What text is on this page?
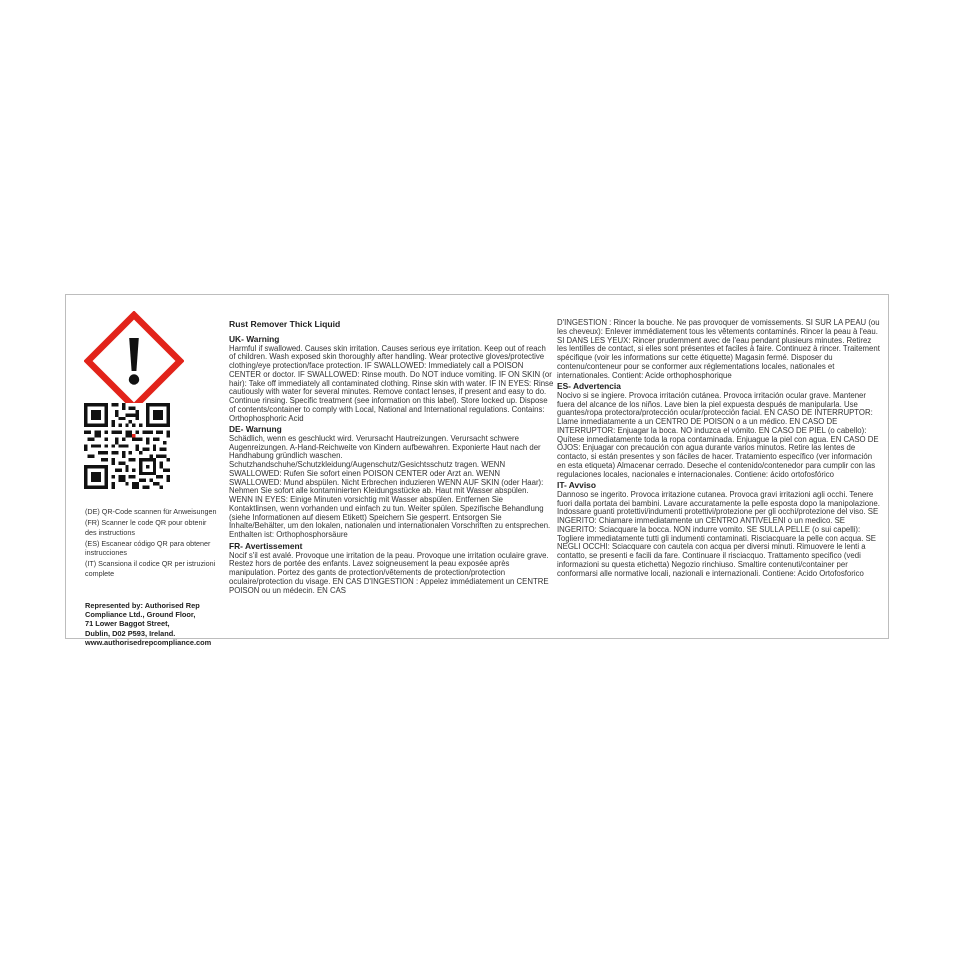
(DE) QR-Code scannen für Anweisungen

(FR) Scanner le code QR pour obtenir des instructions

(ES) Escanear código QR para obtener instrucciones

(IT) Scansiona il codice QR per istruzioni complete

Represented by: Authorised Rep
Compliance Ltd., Ground Floor,
71 Lower Baggot Street,
Dublin, D02 P593, Ireland.
www.authorisedrepcompliance.com

Rust Remover Thick Liquid

UK- Warning

Harmful if swallowed. Causes skin irritation. Causes serious eye irritation. Keep out of reach of children. Wash exposed skin thoroughly after handling. Wear protective gloves/protective clothing/eye protection/face protection. IF SWALLOWED: Immediately call a POISON CENTER or doctor. IF SWALLOWED: Rinse mouth. Do NOT induce vomiting. IF ON SKIN (or hair): Take off immediately all contaminated clothing. Rinse skin with water. IF IN EYES: Rinse cautiously with water for several minutes. Remove contact lenses, if present and easy to do. Continue rinsing. Specific treatment (see information on this label). Store locked up. Dispose of contents/container to comply with Local, National and International regulations. Contains: Orthophosphoric Acid

DE- Warnung

Schädlich, wenn es geschluckt wird. Verursacht Hautreizungen. Verursacht schwere Augenreizungen. A-Hand-Reichweite von Kindern aufbewahren. Exponierte Haut nach der Handhabung gründlich waschen. Schutzhandschuhe/Schutzkleidung/Augenschutz/Gesichtsschutz tragen. WENN SWALLOWED: Rufen Sie sofort einen POISON CENTER oder Arzt an. WENN SWALLOWED: Mund abspülen. Nicht Erbrechen induzieren WENN AUF SKIN (oder Haar): Nehmen Sie sofort alle kontaminierten Kleidungsstücke ab. Haut mit Wasser abspülen. WENN IN EYES: Einige Minuten vorsichtig mit Wasser abspülen. Entfernen Sie Kontaktlinsen, wenn vorhanden und einfach zu tun. Weiter spülen. Spezifische Behandlung (siehe Informationen auf diesem Etikett) Speichern Sie gesperrt. Entsorgen Sie Inhalte/Behälter, um den lokalen, nationalen und internationalen Vorschriften zu entsprechen. Enthalten ist: Orthophosphorsäure

FR- Avertissement

Nocif s'il est avalé. Provoque une irritation de la peau. Provoque une irritation oculaire grave. Restez hors de portée des enfants. Lavez soigneusement la peau exposée après manipulation. Portez des gants de protection/vêtements de protection/protection oculaire/protection du visage. EN CAS D'INGESTION : Appelez immédiatement un CENTRE POISON ou un médecin. EN CAS

D'INGESTION : Rincer la bouche. Ne pas provoquer de vomissements. SI SUR LA PEAU (ou les cheveux): Enlever immédiatement tous les vêtements contaminés. Rincer la peau à l'eau. SI DANS LES YEUX: Rincer prudemment avec de l'eau pendant plusieurs minutes. Retirez les lentilles de contact, si elles sont présentes et faciles à faire. Continuez à rincer. Traitement spécifique (voir les informations sur cette étiquette) Magasin fermé. Disposer du contenu/conteneur pour se conformer aux réglementations locales, nationales et internationales. Contient: Acide orthophosphorique

ES- Advertencia

Nocivo si se ingiere. Provoca irritación cutánea. Provoca irritación ocular grave. Mantener fuera del alcance de los niños. Lave bien la piel expuesta después de manipularla. Use guantes/ropa protectora/protección ocular/protección facial. EN CASO DE INTERRUPTOR: Llame inmediatamente a un CENTRO DE POISON o a un médico. EN CASO DE INTERRUPTOR: Enjuagar la boca. NO induzca el vómito. EN CASO DE PIEL (o cabello): Quítese inmediatamente toda la ropa contaminada. Enjuague la piel con agua. EN CASO DE OJOS: Enjuagar con precaución con agua durante varios minutos. Retire las lentes de contacto, si están presentes y son fáciles de hacer. Tratamiento específico (ver información en esta etiqueta) Almacenar cerrado. Deseche el contenido/contenedor para cumplir con las regulaciones locales, nacionales e internacionales. Contiene: ácido ortofosfórico

IT- Avviso

Dannoso se ingerito. Provoca irritazione cutanea. Provoca gravi irritazioni agli occhi. Tenere fuori dalla portata dei bambini. Lavare accuratamente la pelle esposta dopo la manipolazione. Indossare guanti protettivi/indumenti protettivi/protezione per gli occhi/protezione del viso. SE INGERITO: Chiamare immediatamente un CENTRO ANTIVELENI o un medico. SE INGERITO: Sciacquare la bocca. NON indurre vomito. SE SULLA PELLE (o sui capelli): Togliere immediatamente tutti gli indumenti contaminati. Risciacquare la pelle con acqua. SE NEGLI OCCHI: Sciacquare con cautela con acqua per diversi minuti. Rimuovere le lenti a contatto, se presenti e facili da fare. Continuare il risciacquo. Trattamento specifico (vedi informazioni su questa etichetta) Negozio rinchiuso. Smaltire contenuti/container per conformarsi alle normative locali, nazionali e internazionali. Contiene: Acido Ortofosforico
